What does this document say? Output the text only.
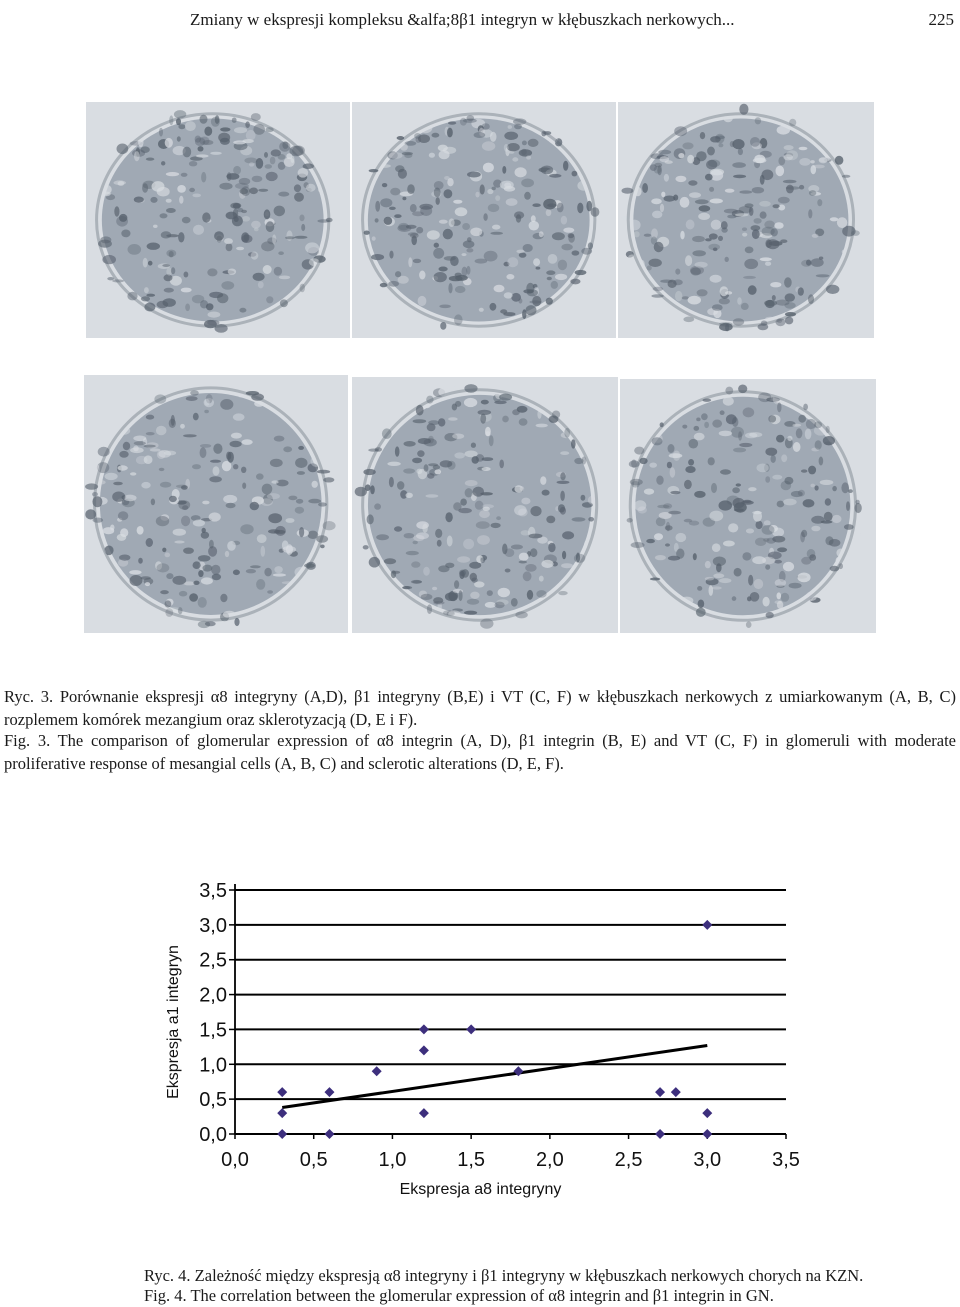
Zmiany w ekspresji kompleksu &alfa;8β1 integryn w kłębuszkach nerkowych...	225

Ryc. 3. Porównanie ekspresji α8 integryny (A,D), β1 integryny (B,E) i VT (C, F) w kłębuszkach nerkowych z umiarkowanym (A, B, C) rozplemem komórek mezangium oraz sklerotyzacją (D, E i F).

Fig. 3. The comparison of glomerular expression of α8 integrin (A, D), β1 integrin (B, E) and VT (C, F) in glomeruli with moderate proliferative response of mesangial cells (A, B, C) and sclerotic alterations (D, E, F).

0,0
0,5
1,0
1,5
2,0
2,5
3,0
3,5
0,0	0,5	1,0	1,5	2,0	2,5	3,0	3,5
Ekspresja a8 integryny
Ekspresja a1 integryn
Ryc. 4. Zależność między ekspresją α8 integryny i β1 integryny w kłębuszkach nerkowych chorych na KZN.
Fig. 4. The correlation between the glomerular expression of α8 integrin and β1 integrin in GN.
